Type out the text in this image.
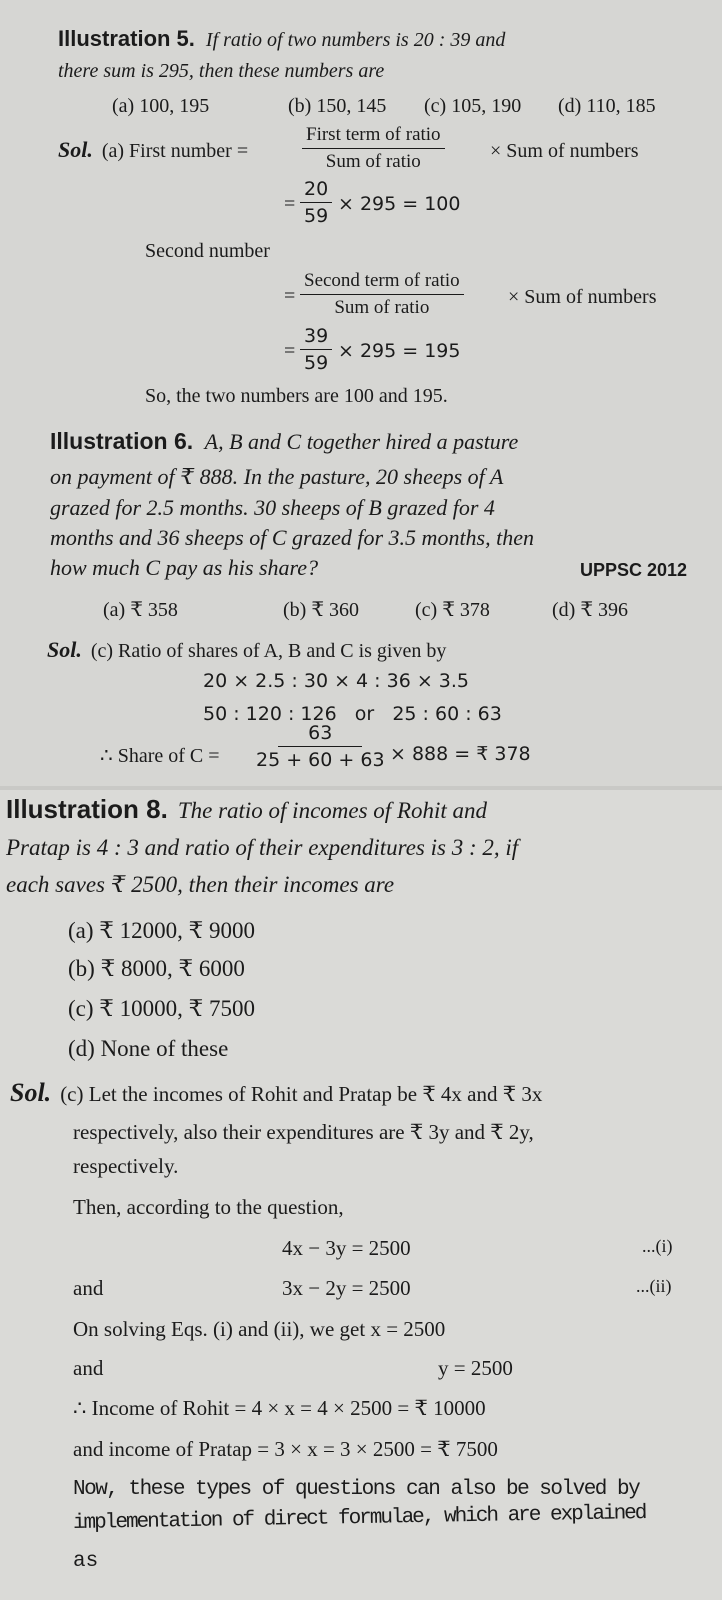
Illustration 5. If ratio of two numbers is 20 : 39 and
there sum is 295, then these numbers are
(a) 100, 195	(b) 150, 145 (c) 105, 190 (d) 110, 185
Sol. (a) First number =
First term of ratio
Sum of ratio	× Sum of numbers
= $\frac{20}{59} \times 295 = 100$
Second number
=
Second term of ratio
Sum of ratio	× Sum of numbers
= $\frac{39}{59} \times 295 = 195$
So, the two numbers are 100 and 195.
Illustration 6. A, B and C together hired a pasture
on payment of ₹ 888. In the pasture, 20 sheeps of A
grazed for 2.5 months. 30 sheeps of B grazed for 4
months and 36 sheeps of C grazed for 3.5 months, then
how much C pay as his share?	UPPSC 2012
(a) ₹ 358	(b) ₹ 360	(c) ₹ 378	(d) ₹ 396
Sol. (c) Ratio of shares of A, B and C is given by
20 × 2.5 : 30 × 4 : 36 × 3.5
50 : 120 : 126   or   25 : 60 : 63
∴ Share of $C = \frac{63}{25 + 60 + 63} \times 888$ = ₹ 378
Illustration 8. The ratio of incomes of Rohit and
Pratap is 4 : 3 and ratio of their expenditures is 3 : 2, if
each saves ₹ 2500, then their incomes are
(a) ₹ 12000, ₹ 9000
(b) ₹ 8000, ₹ 6000
(c) ₹ 10000, ₹ 7500
(d) None of these
Sol. (c) Let the incomes of Rohit and Pratap be ₹ 4x and ₹ 3x
respectively, also their expenditures are ₹ 3y and ₹ 2y,
respectively.
Then, according to the question,
4x − 3y = 2500	...(i)
and	3x − 2y = 2500	...(ii)
On solving Eqs. (i) and (ii), we get x = 2500
and	y = 2500
∴ Income of Rohit = 4 × x = 4 × 2500 = ₹ 10000
and income of Pratap = 3 × x = 3 × 2500 = ₹ 7500
Now, these types of questions can also be solved by
implementation of direct formulae, which are explained
as
